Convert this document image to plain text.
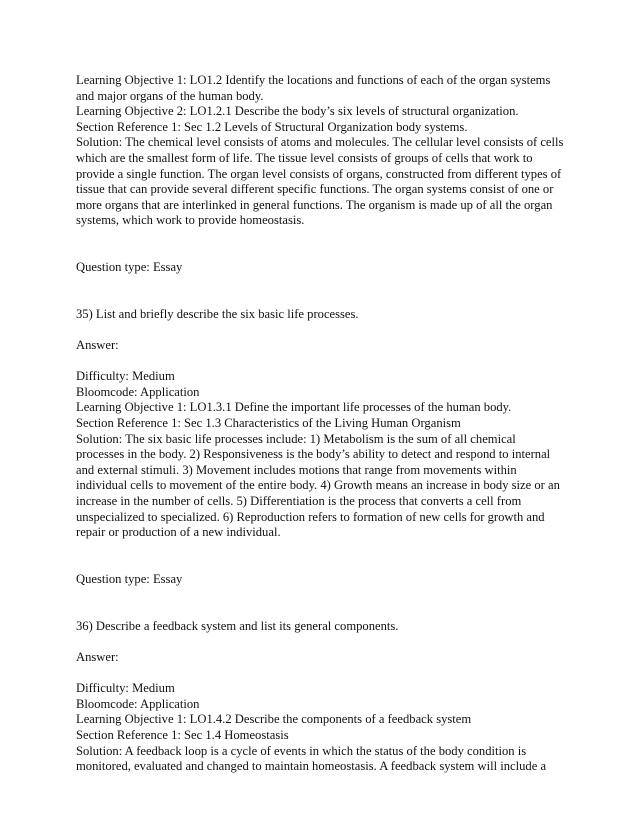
Learning Objective 1: LO1.2 Identify the locations and functions of each of the organ systems
and major organs of the human body.
Learning Objective 2: LO1.2.1 Describe the body’s six levels of structural organization.
Section Reference 1: Sec 1.2 Levels of Structural Organization body systems.
Solution: The chemical level consists of atoms and molecules. The cellular level consists of cells
which are the smallest form of life. The tissue level consists of groups of cells that work to
provide a single function. The organ level consists of organs, constructed from different types of
tissue that can provide several different specific functions. The organ systems consist of one or
more organs that are interlinked in general functions. The organism is made up of all the organ
systems, which work to provide homeostasis.
Question type: Essay
35) List and briefly describe the six basic life processes.
Answer:
Difficulty: Medium
Bloomcode: Application
Learning Objective 1: LO1.3.1 Define the important life processes of the human body.
Section Reference 1: Sec 1.3 Characteristics of the Living Human Organism
Solution: The six basic life processes include: 1) Metabolism is the sum of all chemical
processes in the body. 2) Responsiveness is the body’s ability to detect and respond to internal
and external stimuli. 3) Movement includes motions that range from movements within
individual cells to movement of the entire body. 4) Growth means an increase in body size or an
increase in the number of cells. 5) Differentiation is the process that converts a cell from
unspecialized to specialized. 6) Reproduction refers to formation of new cells for growth and
repair or production of a new individual.
Question type: Essay
36) Describe a feedback system and list its general components.
Answer:
Difficulty: Medium
Bloomcode: Application
Learning Objective 1: LO1.4.2 Describe the components of a feedback system
Section Reference 1: Sec 1.4 Homeostasis
Solution: A feedback loop is a cycle of events in which the status of the body condition is
monitored, evaluated and changed to maintain homeostasis. A feedback system will include a
